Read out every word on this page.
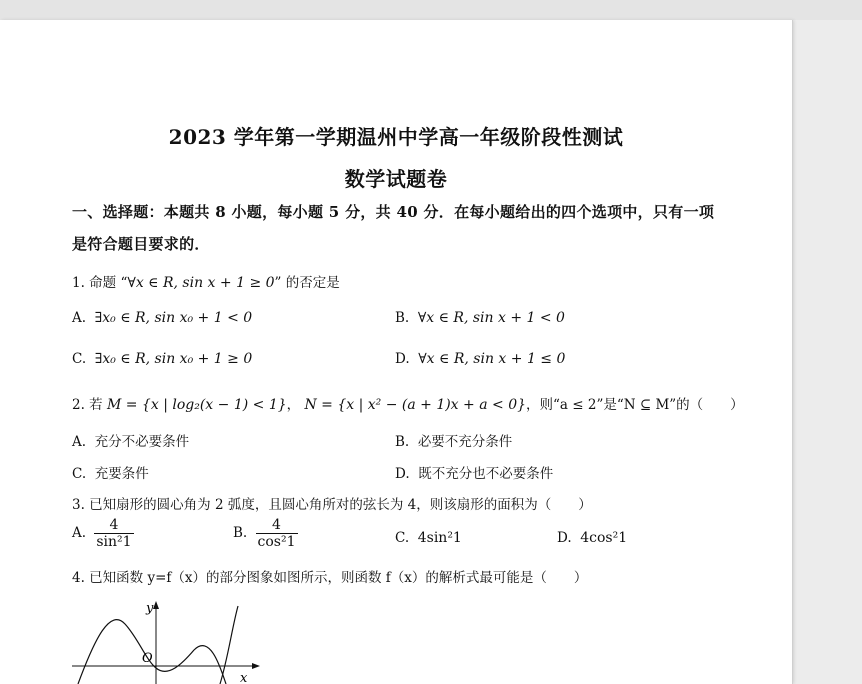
2023 学年第一学期温州中学高一年级阶段性测试
数学试题卷
一、选择题：本题共 8 小题，每小题 5 分，共 40 分．在每小题给出的四个选项中，只有一项
是符合题目要求的．
1. 命题 “∀x ∈ R, sin x + 1 ≥ 0” 的否定是
A. ∃x₀ ∈ R, sin x₀ + 1 < 0	B. ∀x ∈ R, sin x + 1 < 0
C. ∃x₀ ∈ R, sin x₀ + 1 ≥ 0	D. ∀x ∈ R, sin x + 1 ≤ 0
2. 若 M = {x | log₂(x − 1) < 1}， N = {x | x² − (a + 1)x + a < 0}，则“a ≤ 2”是“N ⊆ M”的（　　）
A. 充分不必要条件	B. 必要不充分条件
C. 充要条件	D. 既不充分也不必要条件
3. 已知扇形的圆心角为 2 弧度，且圆心角所对的弦长为 4，则该扇形的面积为（　　）
A. $\frac{4}{\text{sin²1}}$	B. $\frac{4}{\text{cos²1}}$	C. 4sin²1	D. 4cos²1
4. 已知函数 y=f（x）的部分图象如图所示，则函数 f（x）的解析式最可能是（　　）
y
x
O
